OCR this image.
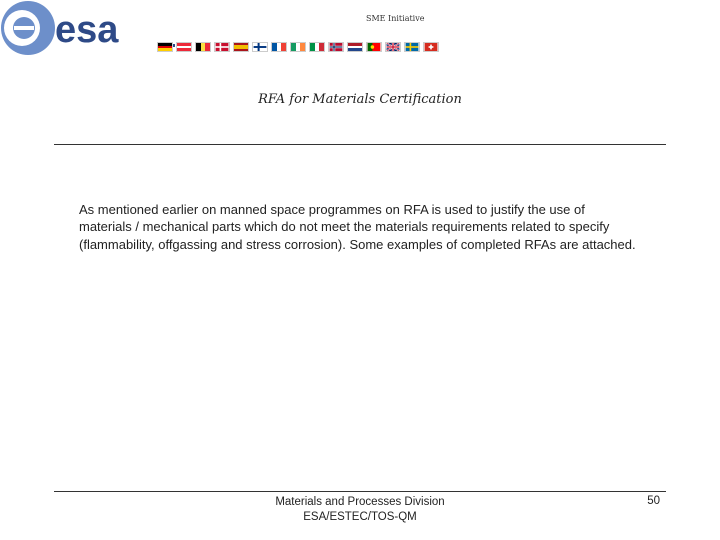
esa	SME Initiative
RFA for Materials Certification

As mentioned earlier on manned space programmes on RFA is used to justify the use of materials / mechanical parts which do not meet the materials requirements related to specify (flammability, offgassing and stress corrosion). Some examples of completed RFAs are attached.

Materials and Processes Division
ESA/ESTEC/TOS-QM
50
